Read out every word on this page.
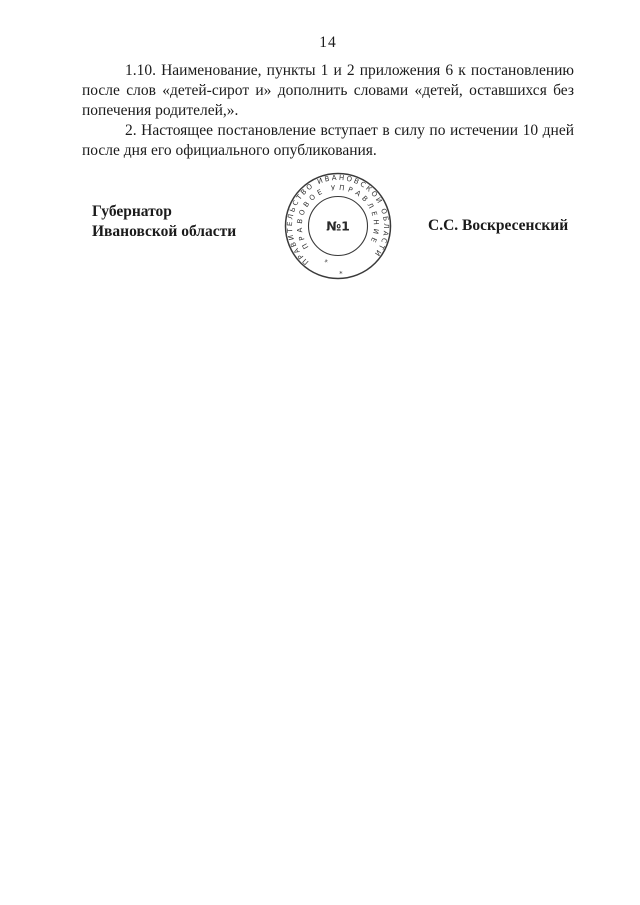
14

1.10. Наименование, пункты 1 и 2 приложения 6 к постановлению после слов «детей-сирот и» дополнить словами «детей, оставшихся без попечения родителей,».

2. Настоящее постановление вступает в силу по истечении 10 дней после дня его официального опубликования.

Губернатор
Ивановской области	С.С. Воскресенский
ПРАВИТЕЛЬСТВО ИВАНОВСКОЙ ОБЛАСТИ
ПРАВОВОЕ УПРАВЛЕНИЕ
*
*
№1
